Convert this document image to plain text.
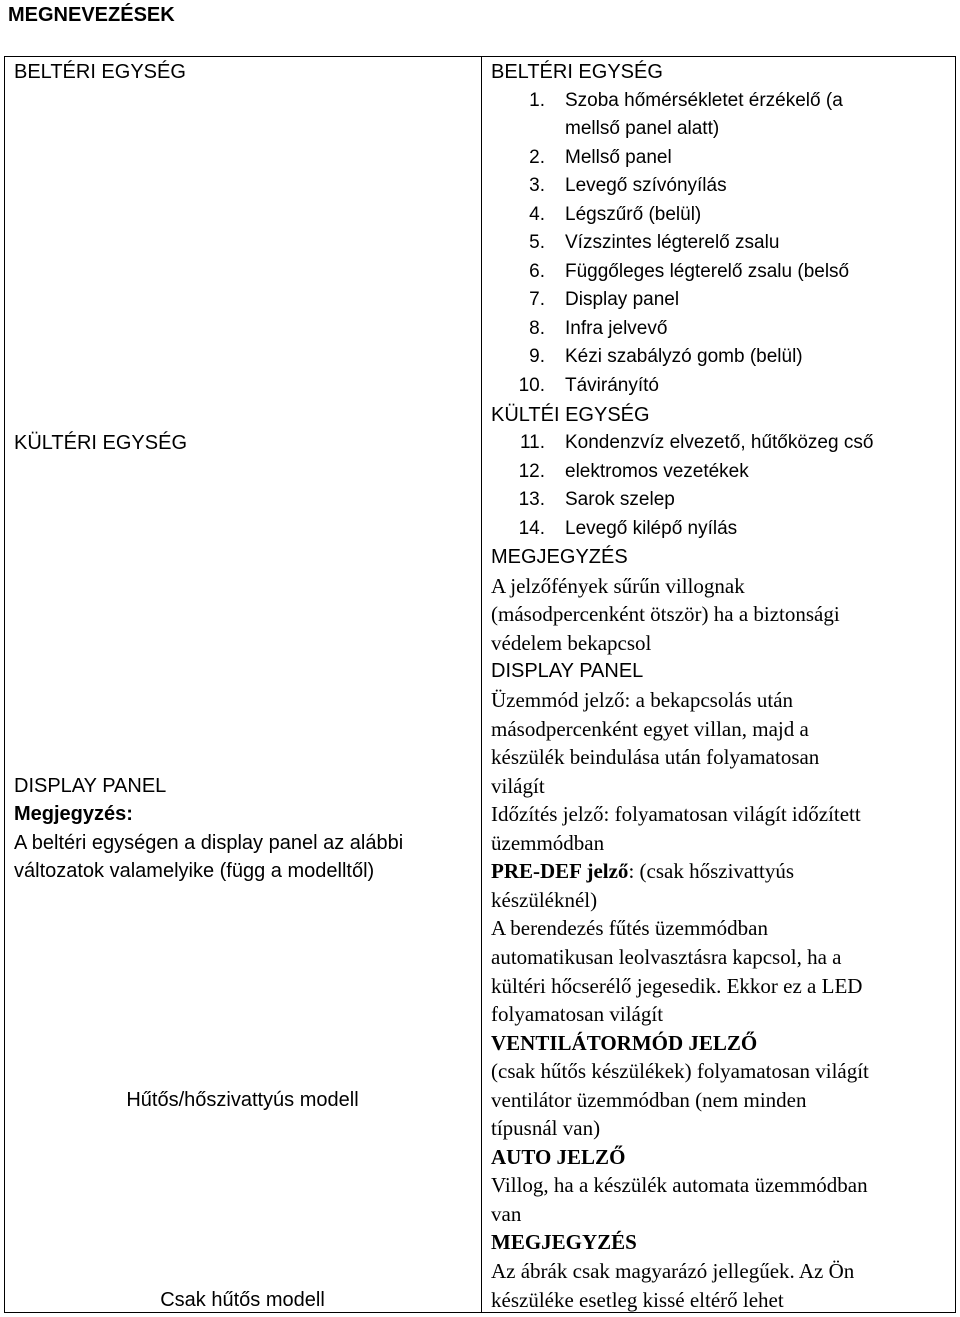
MEGNEVEZÉSEK
BELTÉRI EGYSÉG
KÜLTÉRI EGYSÉG
DISPLAY PANEL
Megjegyzés:
A beltéri egységen a display panel az alábbi
változatok valamelyike (függ a modelltől)
Hűtős/hőszivattyús modell
Csak hűtős modell
BELTÉRI EGYSÉG
1. Szoba hőmérsékletet érzékelő (a
mellső panel alatt)
2. Mellső panel
3. Levegő szívónyílás
4. Légszűrő (belül)
5. Vízszintes légterelő zsalu
6. Függőleges légterelő zsalu (belső
7. Display panel
8. Infra jelvevő
9. Kézi szabályzó gomb (belül)
10. Távirányító
KÜLTÉI EGYSÉG
11. Kondenzvíz elvezető, hűtőközeg cső
12. elektromos vezetékek
13. Sarok szelep
14. Levegő kilépő nyílás
MEGJEGYZÉS
A jelzőfények sűrűn villognak
(másodpercenként ötször) ha a biztonsági
védelem bekapcsol
DISPLAY PANEL
Üzemmód jelző: a bekapcsolás után
másodpercenként egyet villan, majd a
készülék beindulása után folyamatosan
világít
Időzítés jelző: folyamatosan világít időzített
üzemmódban
PRE-DEF jelző: (csak hőszivattyús
készüléknél)
A berendezés fűtés üzemmódban
automatikusan leolvasztásra kapcsol, ha a
kültéri hőcserélő jegesedik. Ekkor ez a LED
folyamatosan világít
VENTILÁTORMÓD JELZŐ
(csak hűtős készülékek) folyamatosan világít
ventilátor üzemmódban (nem minden
típusnál van)
AUTO JELZŐ
Villog, ha a készülék automata üzemmódban
van
MEGJEGYZÉS
Az ábrák csak magyarázó jellegűek. Az Ön
készüléke esetleg kissé eltérő lehet
